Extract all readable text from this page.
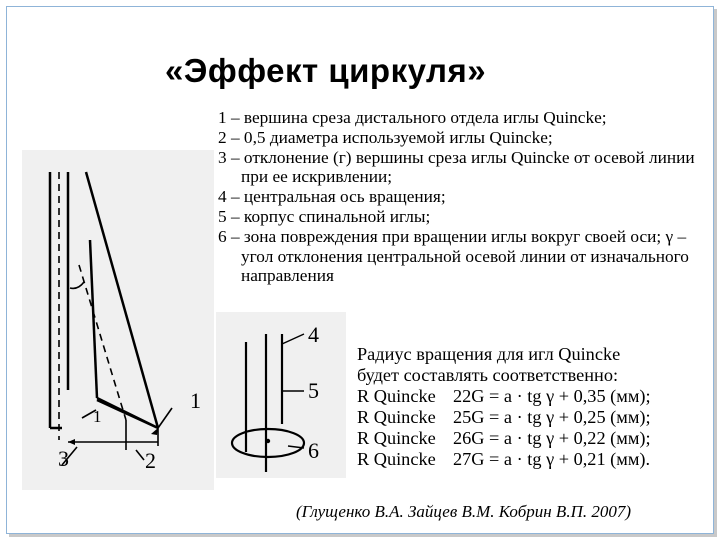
«Эффект циркуля»
1 – вершина среза дистального отдела иглы Quincke;
2 – 0,5 диаметра используемой иглы Quincke;
3 – отклонение (г) вершины среза иглы Quincke от осевой линии при ее искривлении;
4 – центральная ось вращения;
5 – корпус спинальной иглы;
6 – зона повреждения при вращении иглы вокруг своей оси; γ – угол отклонения центральной осевой линии от изначального направления
1
1
2
3
4
5
6
Радиус вращения для игл Quincke
будет составлять соответственно:
R Quincke 22G = a · tg γ + 0,35 (мм);
R Quincke 25G = a · tg γ + 0,25 (мм);
R Quincke 26G = a · tg γ + 0,22 (мм);
R Quincke 27G = a · tg γ + 0,21 (мм).
(Глущенко В.А. Зайцев В.М. Кобрин В.П. 2007)
